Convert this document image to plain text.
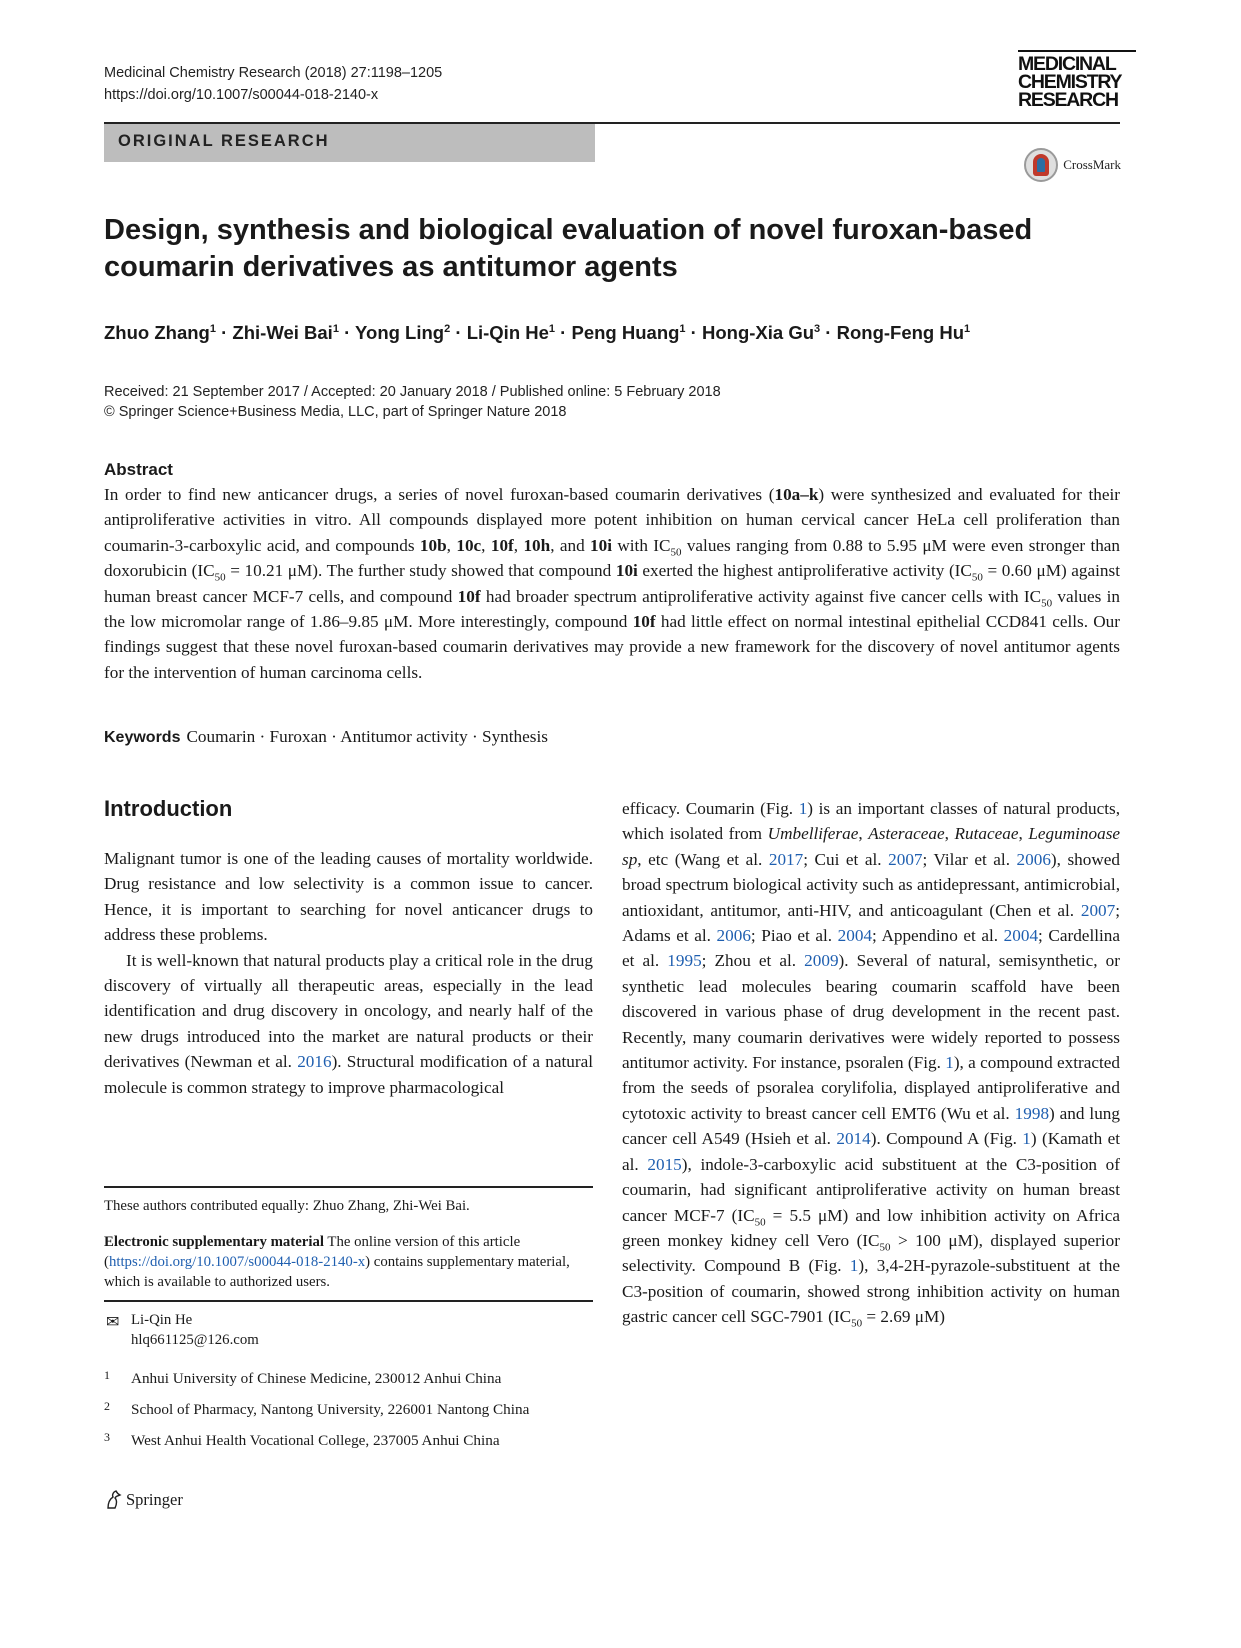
Medicinal Chemistry Research (2018) 27:1198–1205
https://doi.org/10.1007/s00044-018-2140-x
MEDICINAL
CHEMISTRY
RESEARCH
ORIGINAL RESEARCH
CrossMark
Design, synthesis and biological evaluation of novel furoxan-based
coumarin derivatives as antitumor agents
Zhuo Zhang$^1$ · Zhi-Wei Bai$^1$ · Yong Ling$^2$ · Li-Qin $He^1$ · Peng Huang$^1$ · Hong-Xia $Gu^3$ · Rong-Feng Hu$^1$
Received: 21 September 2017 / Accepted: 20 January 2018 / Published online: 5 February 2018
© Springer Science+Business Media, LLC, part of Springer Nature 2018
Abstract
In order to find new anticancer drugs, a series of novel furoxan-based coumarin derivatives (10a–k) were synthesized and evaluated for their antiproliferative activities in vitro. All compounds displayed more potent inhibition on human cervical cancer HeLa cell proliferation than coumarin-3-carboxylic acid, and compounds 10b, 10c, 10f, 10h, and 10i with $IC_{50}$ values ranging from 0.88 to 5.95 μM were even stronger than doxorubicin ($IC_{50} = 10.21$ μM). The further study showed that compound 10i exerted the highest antiproliferative activity ($IC_{50} = 0.60$ μM) against human breast cancer MCF-7 cells, and compound 10f had broader spectrum antiproliferative activity against five cancer cells with $IC_{50}$ values in the low micromolar range of 1.86–9.85 μM. More interestingly, compound 10f had little effect on normal intestinal epithelial CCD841 cells. Our findings suggest that these novel furoxan-based coumarin derivatives may provide a new framework for the discovery of novel antitumor agents for the intervention of human carcinoma cells.
Keywords Coumarin · Furoxan · Antitumor activity · Synthesis
Introduction

Malignant tumor is one of the leading causes of mortality worldwide. Drug resistance and low selectivity is a common issue to cancer. Hence, it is important to searching for novel anticancer drugs to address these problems.

It is well-known that natural products play a critical role in the drug discovery of virtually all therapeutic areas, especially in the lead identification and drug discovery in oncology, and nearly half of the new drugs introduced into the market are natural products or their derivatives (Newman et al. 2016). Structural modification of a natural molecule is common strategy to improve pharmacological

efficacy. Coumarin (Fig. 1) is an important classes of natural products, which isolated from Umbelliferae, Asteraceae, Rutaceae, Leguminoase sp, etc (Wang et al. 2017; Cui et al. 2007; Vilar et al. 2006), showed broad spectrum biological activity such as antidepressant, antimicrobial, antioxidant, antitumor, anti-HIV, and anticoagulant (Chen et al. 2007; Adams et al. 2006; Piao et al. 2004; Appendino et al. 2004; Cardellina et al. 1995; Zhou et al. 2009). Several of natural, semisynthetic, or synthetic lead molecules bearing coumarin scaffold have been discovered in various phase of drug development in the recent past. Recently, many coumarin derivatives were widely reported to possess antitumor activity. For instance, psoralen (Fig. 1), a compound extracted from the seeds of psoralea corylifolia, displayed antiproliferative and cytotoxic activity to breast cancer cell EMT6 (Wu et al. 1998) and lung cancer cell A549 (Hsieh et al. 2014). Compound A (Fig. 1) (Kamath et al. 2015), indole-3-carboxylic acid substituent at the C3-position of coumarin, had significant antiproliferative activity on human breast cancer MCF-7 ($IC_{50} = 5.5$ μM) and low inhibition activity on Africa green monkey kidney cell Vero ($IC_{50} > 100$ μM), displayed superior selectivity. Compound B (Fig. 1), 3,4-2H-pyrazole-substituent at the C3-position of coumarin, showed strong inhibition activity on human gastric cancer cell SGC-7901 ($IC_{50} = 2.69$ μM)

These authors contributed equally: Zhuo Zhang, Zhi-Wei Bai.
Electronic supplementary material The online version of this article (https://doi.org/10.1007/s00044-018-2140-x) contains supplementary material, which is available to authorized users.
✉ Li-Qin He
hlq661125@126.com
1 Anhui University of Chinese Medicine, 230012 Anhui China
2 School of Pharmacy, Nantong University, 226001 Nantong China
3 West Anhui Health Vocational College, 237005 Anhui China
Springer
